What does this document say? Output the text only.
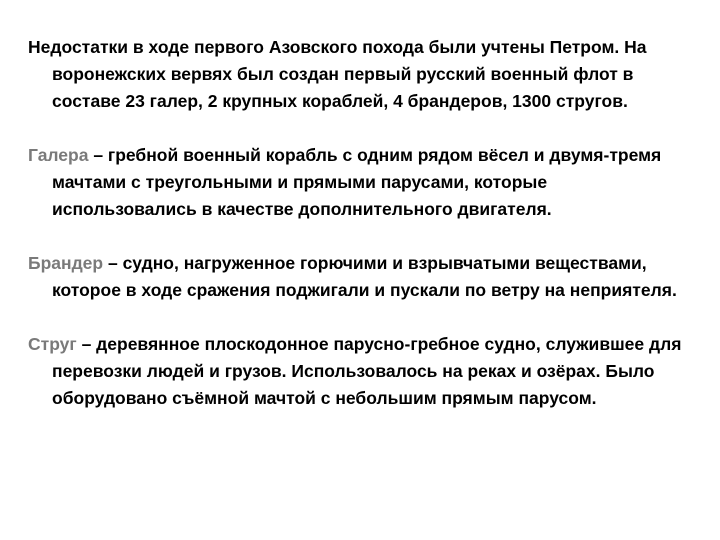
Недостатки в ходе первого Азовского похода были учтены Петром. На воронежских вервях был создан первый русский военный флот в составе 23 галер, 2 крупных кораблей, 4 брандеров, 1300 стругов.

Галера – гребной военный корабль с одним рядом вёсел и двумя-тремя мачтами с треугольными и прямыми парусами, которые использовались в качестве дополнительного двигателя.

Брандер – судно, нагруженное горючими и взрывчатыми веществами, которое в ходе сражения поджигали и пускали по ветру на неприятеля.

Струг – деревянное плоскодонное парусно-гребное судно, служившее для перевозки людей и грузов. Использовалось на реках и озёрах. Было оборудовано съёмной мачтой с небольшим прямым парусом.
